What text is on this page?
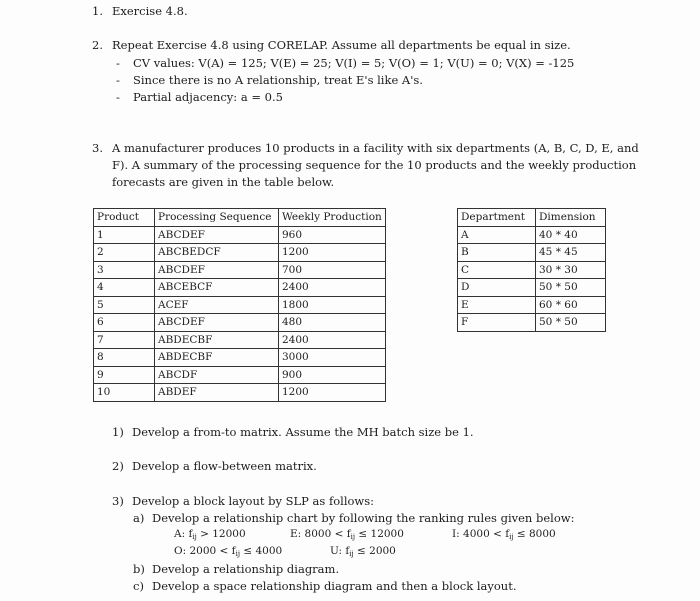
1. Exercise 4.8.
2. Repeat Exercise 4.8 using CORELAP. Assume all departments be equal in size.
- CV values: V(A) = 125; V(E) = 25; V(I) = 5; V(O) = 1; V(U) = 0; V(X) = -125
- Since there is no A relationship, treat E's like A's.
- Partial adjacency: a = 0.5
3. A manufacturer produces 10 products in a facility with six departments (A, B, C, D, E, and
F). A summary of the processing sequence for the 10 products and the weekly production
forecasts are given in the table below.
Product	Processing Sequence	Weekly Production
1	ABCDEF	960
2	ABCBEDCF	1200
3	ABCDEF	700
4	ABCEBCF	2400
5	ACEF	1800
6	ABCDEF	480
7	ABDECBF	2400
8	ABDECBF	3000
9	ABCDF	900
10	ABDEF	1200
Department	Dimension
A	40 * 40
B	45 * 45
C	30 * 30
D	50 * 50
E	60 * 60
F	50 * 50
1) Develop a from-to matrix. Assume the MH batch size be 1.
2) Develop a flow-between matrix.
3) Develop a block layout by SLP as follows:
a) Develop a relationship chart by following the ranking rules given below:
A: $f_{ij} > 12000$	E: $8000 < f_{ij} \le 12000$	I: $4000 < f_{ij} \le 8000$
O: $2000 < f_{ij} \le 4000$	U: $f_{ij} \le 2000$
b) Develop a relationship diagram.
c) Develop a space relationship diagram and then a block layout.
